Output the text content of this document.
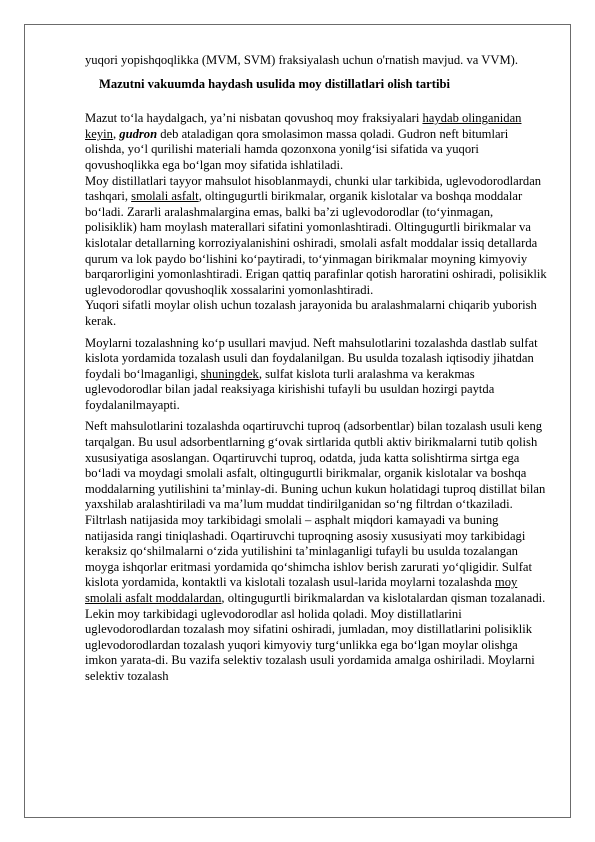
yuqori yopishqoqlikka (MVM, SVM) fraksiyalash uchun o'rnatish mavjud. va VVM).

Mazutni vakuumda haydash usulida moy distillatlari olish tartibi

Mazut to‘la haydalgach, ya’ni nisbatan qovushoq moy fraksiyalari haydab olinganidan keyin, gudron deb ataladigan qora smolasimon massa qoladi. Gudron neft bitumlari olishda, yo‘l qurilishi materiali hamda qozonxona yonilg‘isi sifatida va yuqori qovushoqlikka ega bo‘lgan moy sifatida ishlatiladi.

Moy distillatlari tayyor mahsulot hisoblanmaydi, chunki ular tarkibida, uglevodorodlardan tashqari, smolali asfalt, oltingugurtli birikmalar, organik kislotalar va boshqa moddalar bo‘ladi. Zararli aralashmalargina emas, balki ba’zi uglevodorodlar (to‘yinmagan, polisiklik) ham moylash materallari sifatini yomonlashtiradi. Oltingugurtli birikmalar va kislotalar detallarning korroziyalanishini oshiradi, smolali asfalt moddalar issiq detallarda qurum va lok paydo bo‘lishini ko‘paytiradi, to‘yinmagan birikmalar moyning kimyoviy barqarorligini yomonlashtiradi. Erigan qattiq parafinlar qotish haroratini oshiradi, polisiklik uglevodorodlar qovushoqlik xossalarini yomonlashtiradi.

Yuqori sifatli moylar olish uchun tozalash jarayonida bu aralashmalarni chiqarib yuborish kerak.

Moylarni tozalashning ko‘p usullari mavjud. Neft mahsulotlarini tozalashda dastlab sulfat kislota yordamida tozalash usuli dan foydalanilgan. Bu usulda tozalash iqtisodiy jihatdan foydali bo‘lmaganligi, shuningdek, sulfat kislota turli aralashma va kerakmas uglevodorodlar bilan jadal reaksiyaga kirishishi tufayli bu usuldan hozirgi paytda foydalanilmayapti.

Neft mahsulotlarini tozalashda oqartiruvchi tuproq (adsorbentlar) bilan tozalash usuli keng tarqalgan. Bu usul adsorbentlarning g‘ovak sirtlarida qutbli aktiv birikmalarni tutib qolish xususiyatiga asoslangan. Oqartiruvchi tuproq, odatda, juda katta solishtirma sirtga ega bo‘ladi va moydagi smolali asfalt, oltingugurtli birikmalar, organik kislotalar va boshqa moddalarning yutilishini ta’minlay-di. Buning uchun kukun holatidagi tuproq distillat bilan yaxshilab aralashtiriladi va ma’lum muddat tindirilganidan so‘ng filtrdan o‘tkaziladi. Filtrlash natijasida moy tarkibidagi smolali – asphalt miqdori kamayadi va buning natijasida rangi tiniqlashadi. Oqartiruvchi tuproqning asosiy xususiyati moy tarkibidagi keraksiz qo‘shilmalarni o‘zida yutilishini ta’minlaganligi tufayli bu usulda tozalangan moyga ishqorlar eritmasi yordamida qo‘shimcha ishlov berish zarurati yo‘qligidir. Sulfat kislota yordamida, kontaktli va kislotali tozalash usul-larida moylarni tozalashda moy smolali asfalt moddalardan, oltingugurtli birikmalardan va kislotalardan qisman tozalanadi. Lekin moy tarkibidagi uglevodorodlar asl holida qoladi. Moy distillatlarini uglevodorodlardan tozalash moy sifatini oshiradi, jumladan, moy distillatlarini polisiklik uglevodorodlardan tozalash yuqori kimyoviy turg‘unlikka ega bo‘lgan moylar olishga imkon yarata-di. Bu vazifa selektiv tozalash usuli yordamida amalga oshiriladi. Moylarni selektiv tozalash
